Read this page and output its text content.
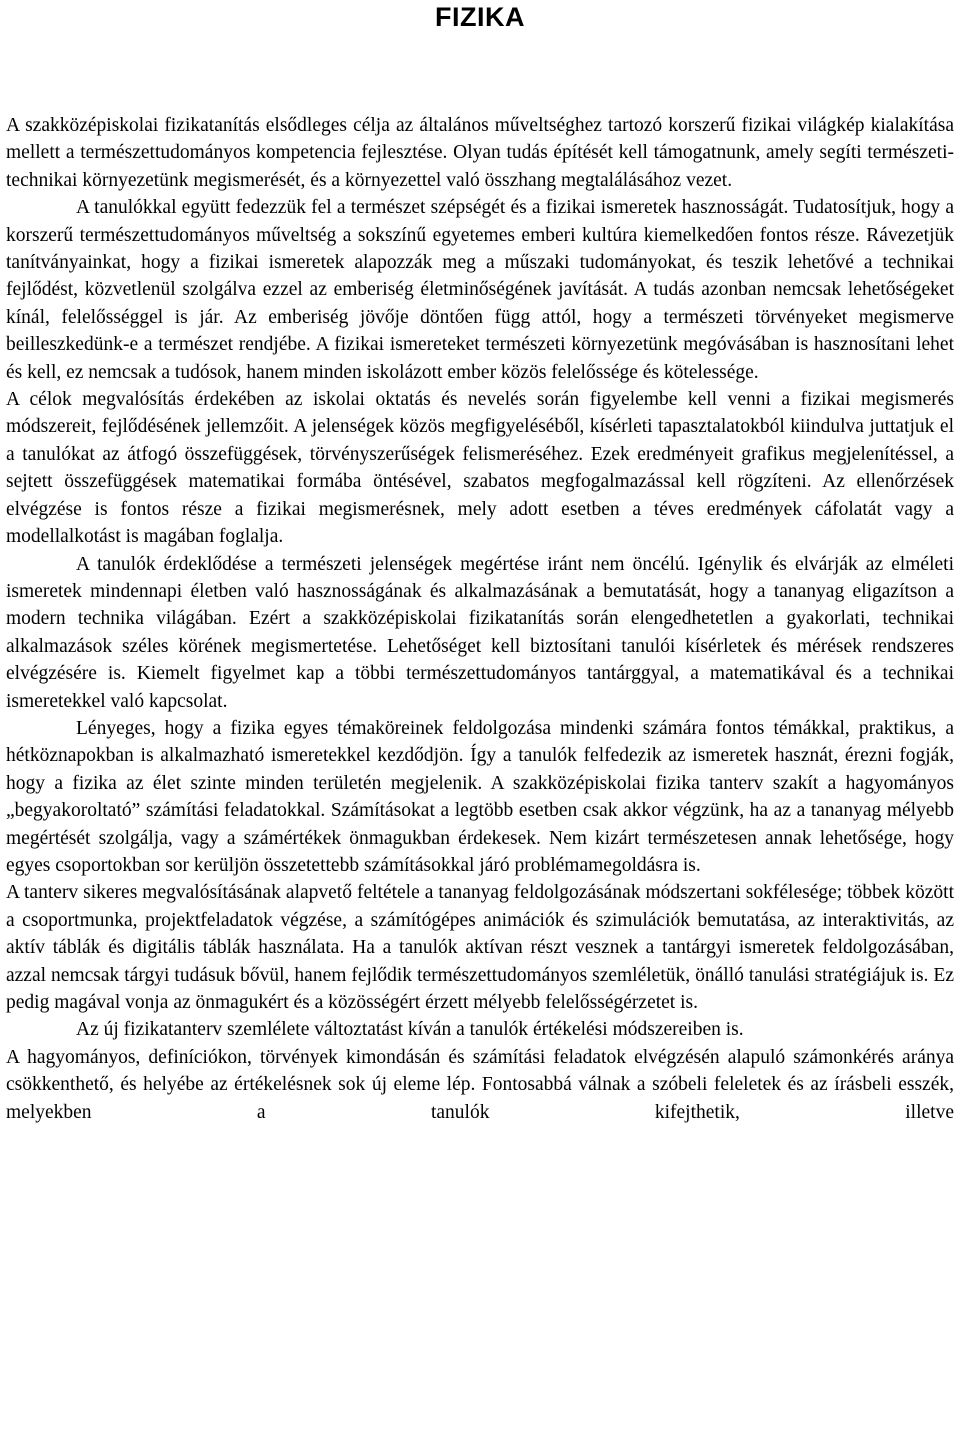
FIZIKA

A szakközépiskolai fizikatanítás elsődleges célja az általános műveltséghez tartozó korszerű fizikai világkép kialakítása mellett a természettudományos kompetencia fejlesztése. Olyan tudás építését kell támogatnunk, amely segíti természeti-technikai környezetünk megismerését, és a környezettel való összhang megtalálásához vezet.

A tanulókkal együtt fedezzük fel a természet szépségét és a fizikai ismeretek hasznosságát. Tudatosítjuk, hogy a korszerű természettudományos műveltség a sokszínű egyetemes emberi kultúra kiemelkedően fontos része. Rávezetjük tanítványainkat, hogy a fizikai ismeretek alapozzák meg a műszaki tudományokat, és teszik lehetővé a technikai fejlődést, közvetlenül szolgálva ezzel az emberiség életminőségének javítását. A tudás azonban nemcsak lehetőségeket kínál, felelősséggel is jár. Az emberiség jövője döntően függ attól, hogy a természeti törvényeket megismerve beilleszkedünk-e a természet rendjébe. A fizikai ismereteket természeti környezetünk megóvásában is hasznosítani lehet és kell, ez nemcsak a tudósok, hanem minden iskolázott ember közös felelőssége és kötelessége.

A célok megvalósítás érdekében az iskolai oktatás és nevelés során figyelembe kell venni a fizikai megismerés módszereit, fejlődésének jellemzőit. A jelenségek közös megfigyeléséből, kísérleti tapasztalatokból kiindulva juttatjuk el a tanulókat az átfogó összefüggések, törvényszerűségek felismeréséhez. Ezek eredményeit grafikus megjelenítéssel, a sejtett összefüggések matematikai formába öntésével, szabatos megfogalmazással kell rögzíteni. Az ellenőrzések elvégzése is fontos része a fizikai megismerésnek, mely adott esetben a téves eredmények cáfolatát vagy a modellalkotást is magában foglalja.

A tanulók érdeklődése a természeti jelenségek megértése iránt nem öncélú. Igénylik és elvárják az elméleti ismeretek mindennapi életben való hasznosságának és alkalmazásának a bemutatását, hogy a tananyag eligazítson a modern technika világában. Ezért a szakközépiskolai fizikatanítás során elengedhetetlen a gyakorlati, technikai alkalmazások széles körének megismertetése. Lehetőséget kell biztosítani tanulói kísérletek és mérések rendszeres elvégzésére is. Kiemelt figyelmet kap a többi természettudományos tantárggyal, a matematikával és a technikai ismeretekkel való kapcsolat.

Lényeges, hogy a fizika egyes témaköreinek feldolgozása mindenki számára fontos témákkal, praktikus, a hétköznapokban is alkalmazható ismeretekkel kezdődjön. Így a tanulók felfedezik az ismeretek hasznát, érezni fogják, hogy a fizika az élet szinte minden területén megjelenik. A szakközépiskolai fizika tanterv szakít a hagyományos „begyakoroltató” számítási feladatokkal. Számításokat a legtöbb esetben csak akkor végzünk, ha az a tananyag mélyebb megértését szolgálja, vagy a számértékek önmagukban érdekesek. Nem kizárt természetesen annak lehetősége, hogy egyes csoportokban sor kerüljön összetettebb számításokkal járó problémamegoldásra is.

A tanterv sikeres megvalósításának alapvető feltétele a tananyag feldolgozásának módszertani sokfélesége; többek között a csoportmunka, projektfeladatok végzése, a számítógépes animációk és szimulációk bemutatása, az interaktivitás, az aktív táblák és digitális táblák használata. Ha a tanulók aktívan részt vesznek a tantárgyi ismeretek feldolgozásában, azzal nemcsak tárgyi tudásuk bővül, hanem fejlődik természettudományos szemléletük, önálló tanulási stratégiájuk is. Ez pedig magával vonja az önmagukért és a közösségért érzett mélyebb felelősségérzetet is.

Az új fizikatanterv szemlélete változtatást kíván a tanulók értékelési módszereiben is.

A hagyományos, definíciókon, törvények kimondásán és számítási feladatok elvégzésén alapuló számonkérés aránya csökkenthető, és helyébe az értékelésnek sok új eleme lép. Fontosabbá válnak a szóbeli feleletek és az írásbeli esszék, melyekben a tanulók kifejthetik, illetve
